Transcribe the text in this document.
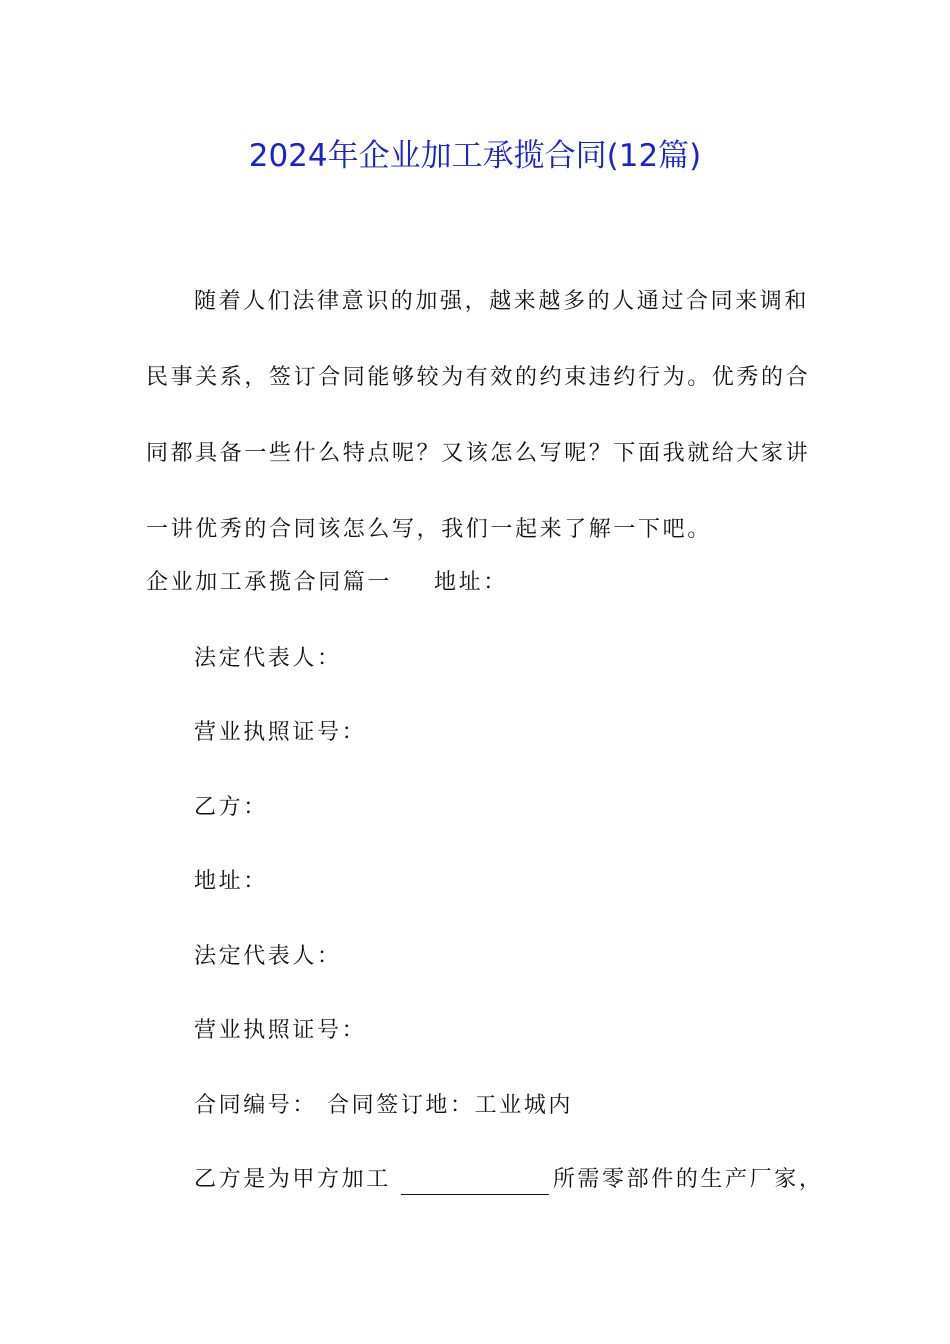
2024年企业加工承揽合同(12篇)

随着人们法律意识的加强，越来越多的人通过合同来调和民事关系，签订合同能够较为有效的约束违约行为。优秀的合同都具备一些什么特点呢？又该怎么写呢？下面我就给大家讲一讲优秀的合同该怎么写，我们一起来了解一下吧。

企业加工承揽合同篇一 地址：

法定代表人：

营业执照证号：

乙方：

地址：

法定代表人：

营业执照证号：

合同编号： 合同签订地：工业城内

乙方是为甲方加工	所需零部件的生产厂家，
